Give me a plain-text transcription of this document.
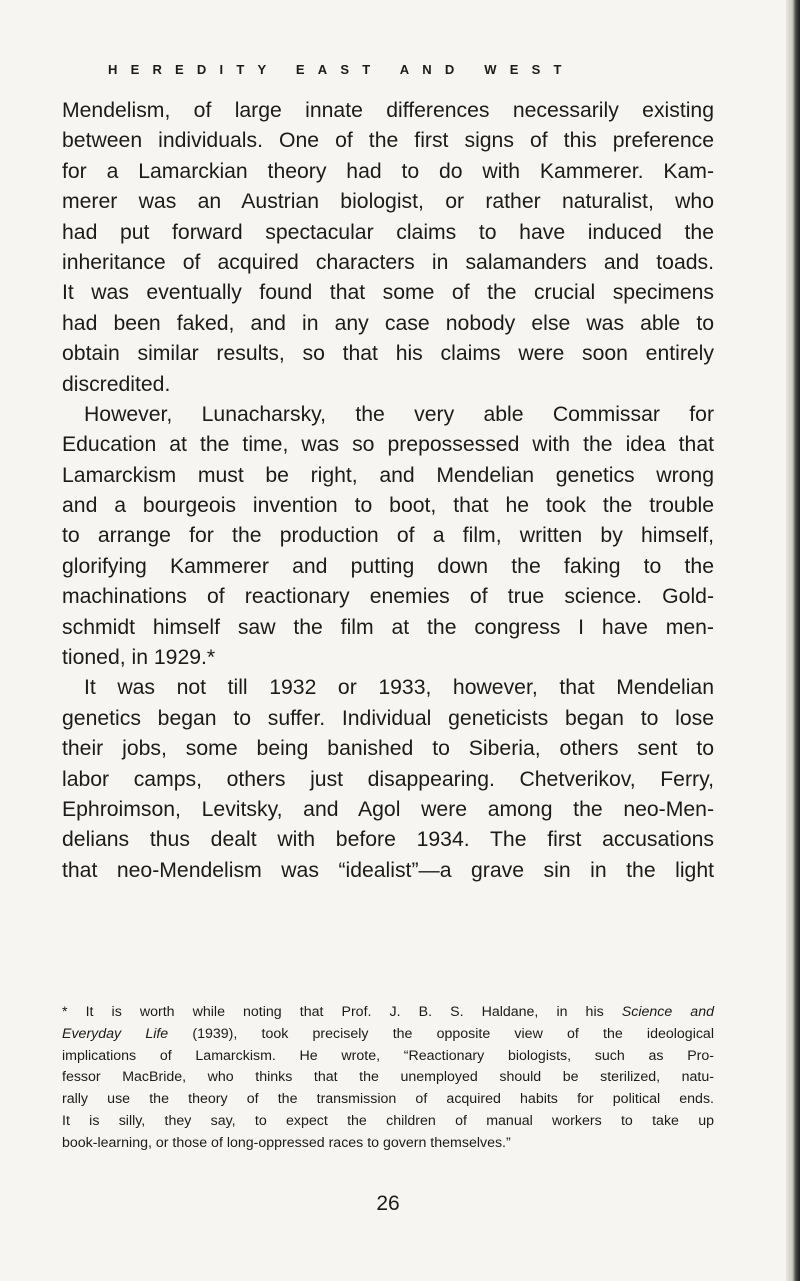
HEREDITY EAST AND WEST
Mendelism, of large innate differences necessarily existing
between individuals. One of the first signs of this preference
for a Lamarckian theory had to do with Kammerer. Kam-
merer was an Austrian biologist, or rather naturalist, who
had put forward spectacular claims to have induced the
inheritance of acquired characters in salamanders and toads.
It was eventually found that some of the crucial specimens
had been faked, and in any case nobody else was able to
obtain similar results, so that his claims were soon entirely
discredited.
However, Lunacharsky, the very able Commissar for
Education at the time, was so prepossessed with the idea that
Lamarckism must be right, and Mendelian genetics wrong
and a bourgeois invention to boot, that he took the trouble
to arrange for the production of a film, written by himself,
glorifying Kammerer and putting down the faking to the
machinations of reactionary enemies of true science. Gold-
schmidt himself saw the film at the congress I have men-
tioned, in 1929.*
It was not till 1932 or 1933, however, that Mendelian
genetics began to suffer. Individual geneticists began to lose
their jobs, some being banished to Siberia, others sent to
labor camps, others just disappearing. Chetverikov, Ferry,
Ephroimson, Levitsky, and Agol were among the neo-Men-
delians thus dealt with before 1934. The first accusations
that neo-Mendelism was “idealist”—a grave sin in the light
* It is worth while noting that Prof. J. B. S. Haldane, in his Science and
Everyday Life (1939), took precisely the opposite view of the ideological
implications of Lamarckism. He wrote, “Reactionary biologists, such as Pro-
fessor MacBride, who thinks that the unemployed should be sterilized, natu-
rally use the theory of the transmission of acquired habits for political ends.
It is silly, they say, to expect the children of manual workers to take up
book-learning, or those of long-oppressed races to govern themselves.”
26
